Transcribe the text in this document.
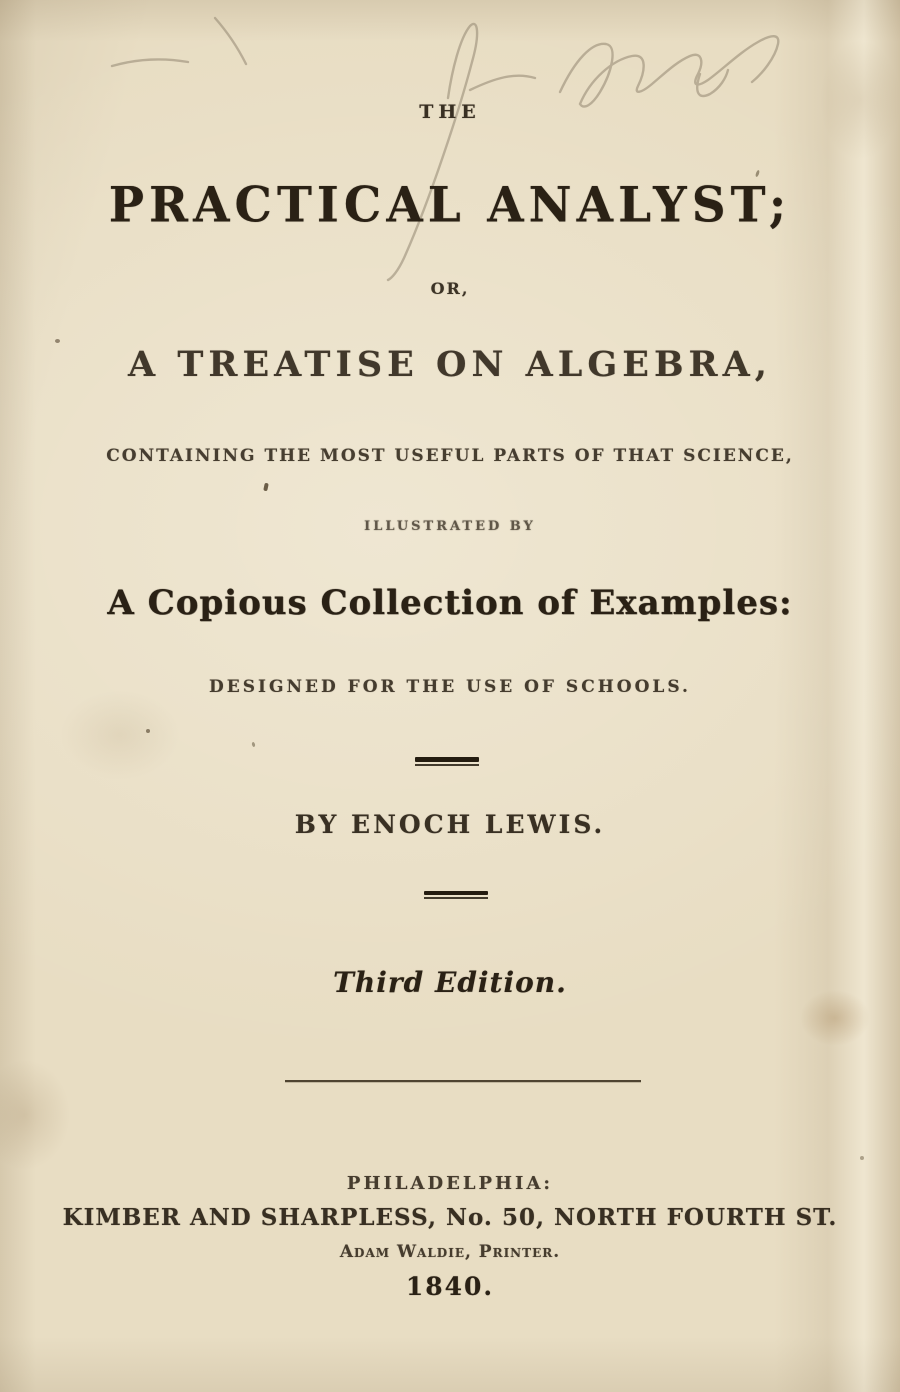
THE
PRACTICAL ANALYST;
OR,
A TREATISE ON ALGEBRA,
CONTAINING THE MOST USEFUL PARTS OF THAT SCIENCE,
ILLUSTRATED BY
A Copious Collection of Examples:
DESIGNED FOR THE USE OF SCHOOLS.
BY ENOCH LEWIS.
Third Edition.
PHILADELPHIA:
KIMBER AND SHARPLESS, No. 50, NORTH FOURTH ST.
Adam Waldie, Printer.
1840.
